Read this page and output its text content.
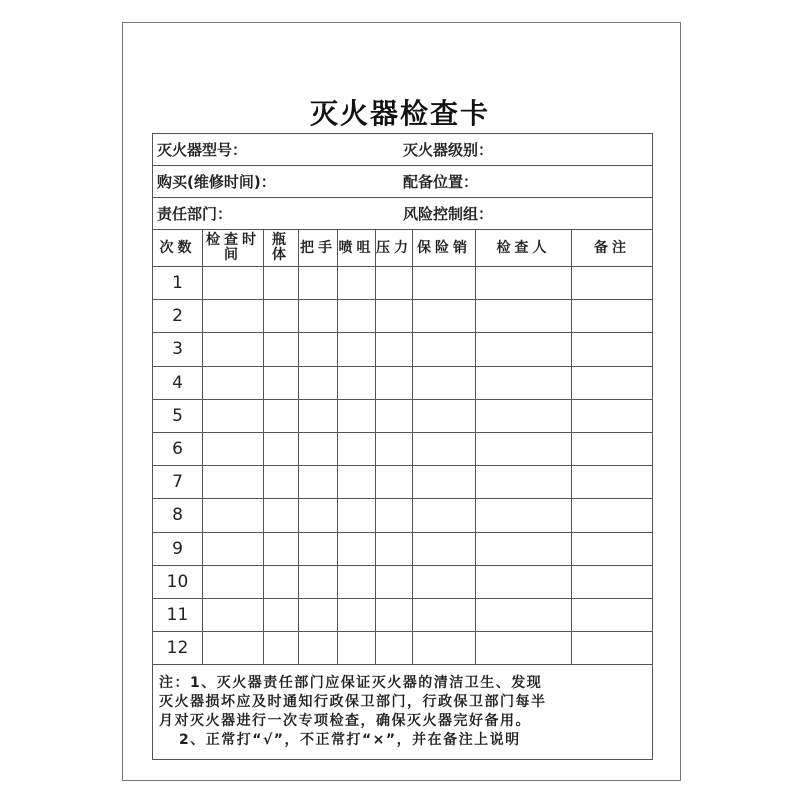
灭火器检查卡
灭火器型号： 灭火器级别：								

购买(维修时间)： 配备位置：								

责任部门： 风险控制组：								

次数	检查时间	瓶体	把手	喷咀	压力	保险销	检查人	备注
1								
2								
3								
4								
5								
6								
7								
8								
9								
10								
11								
12								

注：1、灭火器责任部门应保证灭火器的清洁卫生、发现
灭火器损坏应及时通知行政保卫部门，行政保卫部门每半
月对灭火器进行一次专项检查，确保灭火器完好备用。
2、正常打“√”，不正常打“×”，并在备注上说明								
